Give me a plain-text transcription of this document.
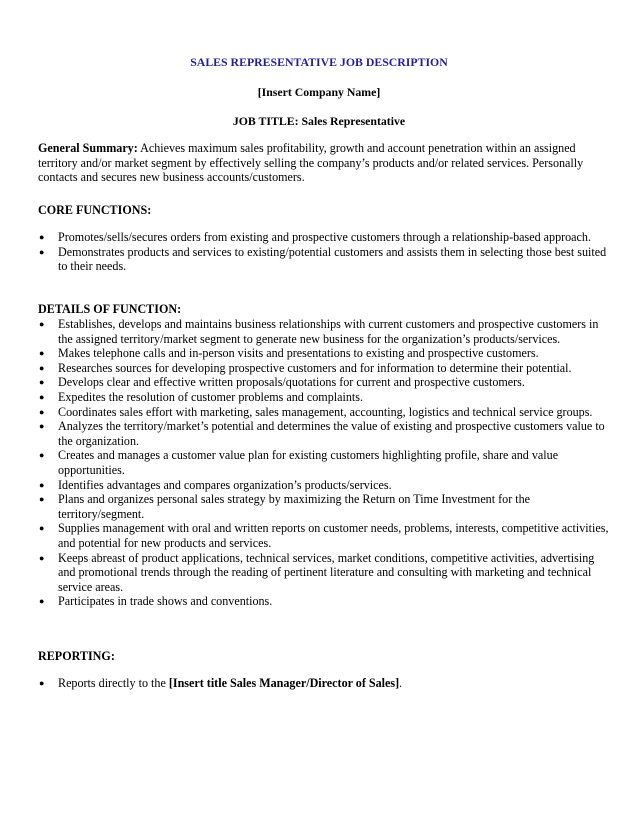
SALES REPRESENTATIVE JOB DESCRIPTION
[Insert Company Name]
JOB TITLE: Sales Representative
General Summary: Achieves maximum sales profitability, growth and account penetration within an assigned territory and/or market segment by effectively selling the company’s products and/or related services. Personally contacts and secures new business accounts/customers.
CORE FUNCTIONS:
●	Promotes/sells/secures orders from existing and prospective customers through a relationship-based approach.
●	Demonstrates products and services to existing/potential customers and assists them in selecting those best suited to their needs.
DETAILS OF FUNCTION:
●	Establishes, develops and maintains business relationships with current customers and prospective customers in the assigned territory/market segment to generate new business for the organization’s products/services.
●	Makes telephone calls and in-person visits and presentations to existing and prospective customers.
●	Researches sources for developing prospective customers and for information to determine their potential.
●	Develops clear and effective written proposals/quotations for current and prospective customers.
●	Expedites the resolution of customer problems and complaints.
●	Coordinates sales effort with marketing, sales management, accounting, logistics and technical service groups.
●	Analyzes the territory/market’s potential and determines the value of existing and prospective customers value to the organization.
●	Creates and manages a customer value plan for existing customers highlighting profile, share and value opportunities.
●	Identifies advantages and compares organization’s products/services.
●	Plans and organizes personal sales strategy by maximizing the Return on Time Investment for the territory/segment.
●	Supplies management with oral and written reports on customer needs, problems, interests, competitive activities, and potential for new products and services.
●	Keeps abreast of product applications, technical services, market conditions, competitive activities, advertising and promotional trends through the reading of pertinent literature and consulting with marketing and technical service areas.
●	Participates in trade shows and conventions.
REPORTING:
●	Reports directly to the [Insert title Sales Manager/Director of Sales].
